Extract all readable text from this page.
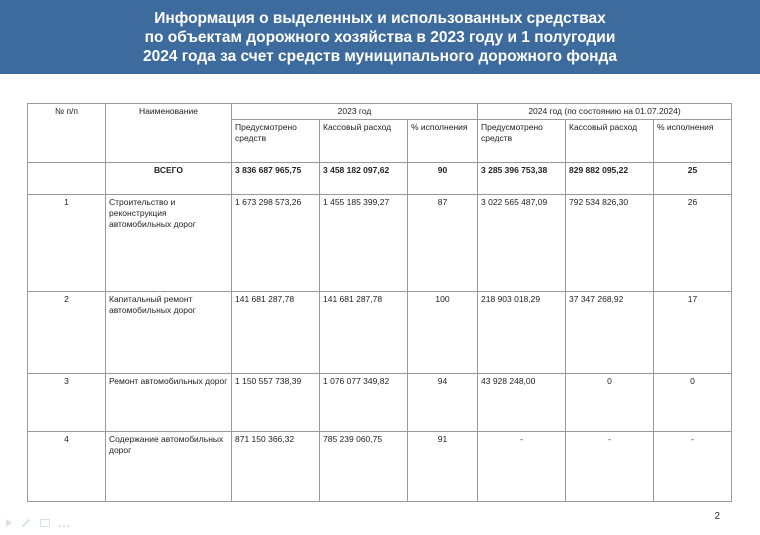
Информация о выделенных и использованных средствах
по объектам дорожного хозяйства в 2023 году и 1 полугодии
2024 года за счет средств муниципального дорожного фонда
№ п/п	Наименование	2023 год			2024 год (по состоянию на 01.07.2024)		
		Предусмотрено средств	Кассовый расход	% исполнения	Предусмотрено средств	Кассовый расход	% исполнения
	ВСЕГО	3 836 687 965,75	3 458 182 097,62	90	3 285 396 753,38	829 882 095,22	25
1	Строительство и реконструкция автомобильных дорог	1 673 298 573,26	1 455 185 399,27	87	3 022 565 487,09	792 534 826,30	26
2	Капитальный ремонт автомобильных дорог	141 681 287,78	141 681 287,78	100	218 903 018,29	37 347 268,92	17
3	Ремонт автомобильных дорог	1 150 557 738,39	1 076 077 349,82	94	43 928 248,00	0	0
4	Содержание автомобильных дорог	871 150 366,32	785 239 060,75	91	-	-	-
2
